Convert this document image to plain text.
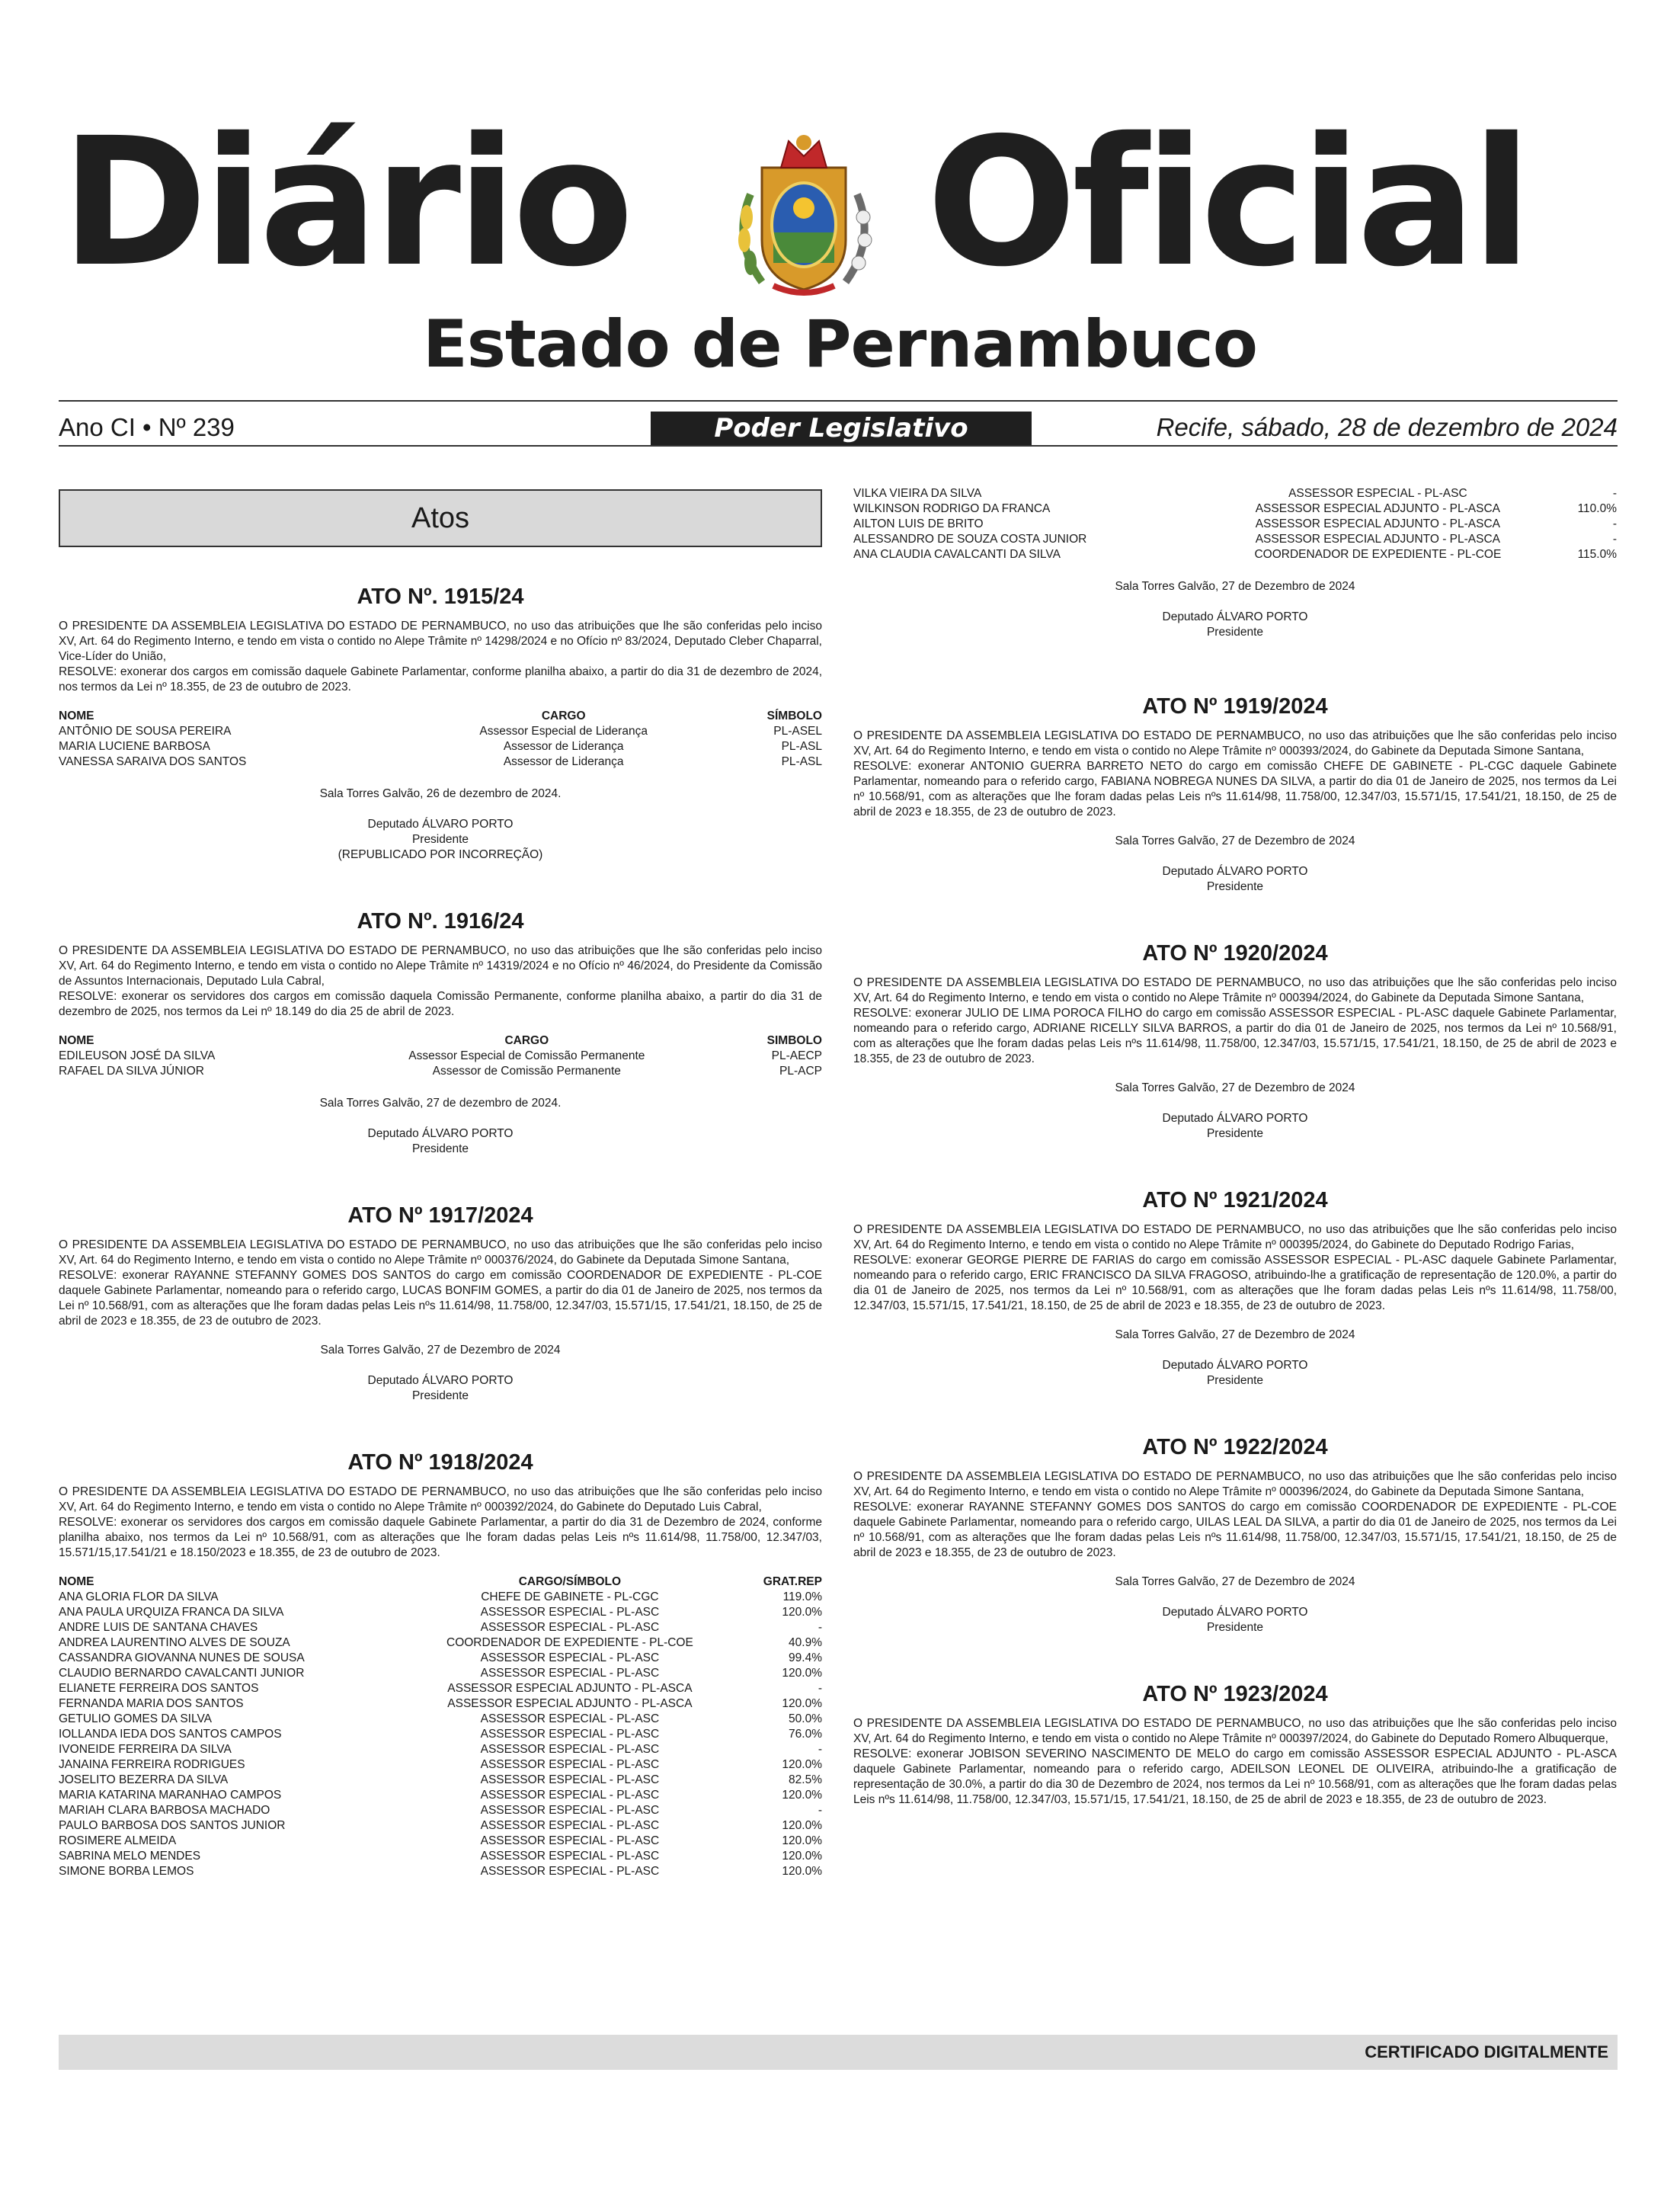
Diário Oficial
Estado de Pernambuco
Ano CI • Nº 239	Poder Legislativo	Recife, sábado, 28 de dezembro de 2024
Atos
ATO Nº. 1915/24

O PRESIDENTE DA ASSEMBLEIA LEGISLATIVA DO ESTADO DE PERNAMBUCO, no uso das atribuições que lhe são conferidas pelo inciso XV, Art. 64 do Regimento Interno, e tendo em vista o contido no Alepe Trâmite nº 14298/2024 e no Ofício nº 83/2024, Deputado Cleber Chaparral, Vice-Líder do União,

RESOLVE: exonerar dos cargos em comissão daquele Gabinete Parlamentar, conforme planilha abaixo, a partir do dia 31 de dezembro de 2024, nos termos da Lei nº 18.355, de 23 de outubro de 2023.

NOME	CARGO	SÍMBOLO
ANTÔNIO DE SOUSA PEREIRA	Assessor Especial de Liderança	PL-ASEL
MARIA LUCIENE BARBOSA	Assessor de Liderança	PL-ASL
VANESSA SARAIVA DOS SANTOS	Assessor de Liderança	PL-ASL
Sala Torres Galvão, 26 de dezembro de 2024.
Deputado ÁLVARO PORTO
Presidente
(REPUBLICADO POR INCORREÇÃO)
ATO Nº. 1916/24

O PRESIDENTE DA ASSEMBLEIA LEGISLATIVA DO ESTADO DE PERNAMBUCO, no uso das atribuições que lhe são conferidas pelo inciso XV, Art. 64 do Regimento Interno, e tendo em vista o contido no Alepe Trâmite nº 14319/2024 e no Ofício nº 46/2024, do Presidente da Comissão de Assuntos Internacionais, Deputado Lula Cabral,

RESOLVE: exonerar os servidores dos cargos em comissão daquela Comissão Permanente, conforme planilha abaixo, a partir do dia 31 de dezembro de 2025, nos termos da Lei nº 18.149 do dia 25 de abril de 2023.

NOME	CARGO	SIMBOLO
EDILEUSON JOSÉ DA SILVA	Assessor Especial de Comissão Permanente	PL-AECP
RAFAEL DA SILVA JÚNIOR	Assessor de Comissão Permanente	PL-ACP
Sala Torres Galvão, 27 de dezembro de 2024.
Deputado ÁLVARO PORTO
Presidente
ATO Nº 1917/2024

O PRESIDENTE DA ASSEMBLEIA LEGISLATIVA DO ESTADO DE PERNAMBUCO, no uso das atribuições que lhe são conferidas pelo inciso XV, Art. 64 do Regimento Interno, e tendo em vista o contido no Alepe Trâmite nº 000376/2024, do Gabinete da Deputada Simone Santana,

RESOLVE: exonerar RAYANNE STEFANNY GOMES DOS SANTOS do cargo em comissão COORDENADOR DE EXPEDIENTE - PL-COE daquele Gabinete Parlamentar, nomeando para o referido cargo, LUCAS BONFIM GOMES, a partir do dia 01 de Janeiro de 2025, nos termos da Lei nº 10.568/91, com as alterações que lhe foram dadas pelas Leis nºs 11.614/98, 11.758/00, 12.347/03, 15.571/15, 17.541/21, 18.150, de 25 de abril de 2023 e 18.355, de 23 de outubro de 2023.

Sala Torres Galvão, 27 de Dezembro de 2024
Deputado ÁLVARO PORTO
Presidente
ATO Nº 1918/2024

O PRESIDENTE DA ASSEMBLEIA LEGISLATIVA DO ESTADO DE PERNAMBUCO, no uso das atribuições que lhe são conferidas pelo inciso XV, Art. 64 do Regimento Interno, e tendo em vista o contido no Alepe Trâmite nº 000392/2024, do Gabinete do Deputado Luis Cabral,

RESOLVE: exonerar os servidores dos cargos em comissão daquele Gabinete Parlamentar, a partir do dia 31 de Dezembro de 2024, conforme planilha abaixo, nos termos da Lei nº 10.568/91, com as alterações que lhe foram dadas pelas Leis nºs 11.614/98, 11.758/00, 12.347/03, 15.571/15,17.541/21 e 18.150/2023 e 18.355, de 23 de outubro de 2023.

NOME	CARGO/SÍMBOLO	GRAT.REP
ANA GLORIA FLOR DA SILVA	CHEFE DE GABINETE - PL-CGC	119.0%
ANA PAULA URQUIZA FRANCA DA SILVA	ASSESSOR ESPECIAL - PL-ASC	120.0%
ANDRE LUIS DE SANTANA CHAVES	ASSESSOR ESPECIAL - PL-ASC	-
ANDREA LAURENTINO ALVES DE SOUZA	COORDENADOR DE EXPEDIENTE - PL-COE	40.9%
CASSANDRA GIOVANNA NUNES DE SOUSA	ASSESSOR ESPECIAL - PL-ASC	99.4%
CLAUDIO BERNARDO CAVALCANTI JUNIOR	ASSESSOR ESPECIAL - PL-ASC	120.0%
ELIANETE FERREIRA DOS SANTOS	ASSESSOR ESPECIAL ADJUNTO - PL-ASCA	-
FERNANDA MARIA DOS SANTOS	ASSESSOR ESPECIAL ADJUNTO - PL-ASCA	120.0%
GETULIO GOMES DA SILVA	ASSESSOR ESPECIAL - PL-ASC	50.0%
IOLLANDA IEDA DOS SANTOS CAMPOS	ASSESSOR ESPECIAL - PL-ASC	76.0%
IVONEIDE FERREIRA DA SILVA	ASSESSOR ESPECIAL - PL-ASC	-
JANAINA FERREIRA RODRIGUES	ASSESSOR ESPECIAL - PL-ASC	120.0%
JOSELITO BEZERRA DA SILVA	ASSESSOR ESPECIAL - PL-ASC	82.5%
MARIA KATARINA MARANHAO CAMPOS	ASSESSOR ESPECIAL - PL-ASC	120.0%
MARIAH CLARA BARBOSA MACHADO	ASSESSOR ESPECIAL - PL-ASC	-
PAULO BARBOSA DOS SANTOS JUNIOR	ASSESSOR ESPECIAL - PL-ASC	120.0%
ROSIMERE ALMEIDA	ASSESSOR ESPECIAL - PL-ASC	120.0%
SABRINA MELO MENDES	ASSESSOR ESPECIAL - PL-ASC	120.0%
SIMONE BORBA LEMOS	ASSESSOR ESPECIAL - PL-ASC	120.0%
VILKA VIEIRA DA SILVA	ASSESSOR ESPECIAL - PL-ASC	-
WILKINSON RODRIGO DA FRANCA	ASSESSOR ESPECIAL ADJUNTO - PL-ASCA	110.0%
AILTON LUIS DE BRITO	ASSESSOR ESPECIAL ADJUNTO - PL-ASCA	-
ALESSANDRO DE SOUZA COSTA JUNIOR	ASSESSOR ESPECIAL ADJUNTO - PL-ASCA	-
ANA CLAUDIA CAVALCANTI DA SILVA	COORDENADOR DE EXPEDIENTE - PL-COE	115.0%
Sala Torres Galvão, 27 de Dezembro de 2024
Deputado ÁLVARO PORTO
Presidente
ATO Nº 1919/2024

O PRESIDENTE DA ASSEMBLEIA LEGISLATIVA DO ESTADO DE PERNAMBUCO, no uso das atribuições que lhe são conferidas pelo inciso XV, Art. 64 do Regimento Interno, e tendo em vista o contido no Alepe Trâmite nº 000393/2024, do Gabinete da Deputada Simone Santana,

RESOLVE: exonerar ANTONIO GUERRA BARRETO NETO do cargo em comissão CHEFE DE GABINETE - PL-CGC daquele Gabinete Parlamentar, nomeando para o referido cargo, FABIANA NOBREGA NUNES DA SILVA, a partir do dia 01 de Janeiro de 2025, nos termos da Lei nº 10.568/91, com as alterações que lhe foram dadas pelas Leis nºs 11.614/98, 11.758/00, 12.347/03, 15.571/15, 17.541/21, 18.150, de 25 de abril de 2023 e 18.355, de 23 de outubro de 2023.

Sala Torres Galvão, 27 de Dezembro de 2024
Deputado ÁLVARO PORTO
Presidente
ATO Nº 1920/2024

O PRESIDENTE DA ASSEMBLEIA LEGISLATIVA DO ESTADO DE PERNAMBUCO, no uso das atribuições que lhe são conferidas pelo inciso XV, Art. 64 do Regimento Interno, e tendo em vista o contido no Alepe Trâmite nº 000394/2024, do Gabinete da Deputada Simone Santana,

RESOLVE: exonerar JULIO DE LIMA POROCA FILHO do cargo em comissão ASSESSOR ESPECIAL - PL-ASC daquele Gabinete Parlamentar, nomeando para o referido cargo, ADRIANE RICELLY SILVA BARROS, a partir do dia 01 de Janeiro de 2025, nos termos da Lei nº 10.568/91, com as alterações que lhe foram dadas pelas Leis nºs 11.614/98, 11.758/00, 12.347/03, 15.571/15, 17.541/21, 18.150, de 25 de abril de 2023 e 18.355, de 23 de outubro de 2023.

Sala Torres Galvão, 27 de Dezembro de 2024
Deputado ÁLVARO PORTO
Presidente
ATO Nº 1921/2024

O PRESIDENTE DA ASSEMBLEIA LEGISLATIVA DO ESTADO DE PERNAMBUCO, no uso das atribuições que lhe são conferidas pelo inciso XV, Art. 64 do Regimento Interno, e tendo em vista o contido no Alepe Trâmite nº 000395/2024, do Gabinete do Deputado Rodrigo Farias,

RESOLVE: exonerar GEORGE PIERRE DE FARIAS do cargo em comissão ASSESSOR ESPECIAL - PL-ASC daquele Gabinete Parlamentar, nomeando para o referido cargo, ERIC FRANCISCO DA SILVA FRAGOSO, atribuindo-lhe a gratificação de representação de 120.0%, a partir do dia 01 de Janeiro de 2025, nos termos da Lei nº 10.568/91, com as alterações que lhe foram dadas pelas Leis nºs 11.614/98, 11.758/00, 12.347/03, 15.571/15, 17.541/21, 18.150, de 25 de abril de 2023 e 18.355, de 23 de outubro de 2023.

Sala Torres Galvão, 27 de Dezembro de 2024
Deputado ÁLVARO PORTO
Presidente
ATO Nº 1922/2024

O PRESIDENTE DA ASSEMBLEIA LEGISLATIVA DO ESTADO DE PERNAMBUCO, no uso das atribuições que lhe são conferidas pelo inciso XV, Art. 64 do Regimento Interno, e tendo em vista o contido no Alepe Trâmite nº 000396/2024, do Gabinete da Deputada Simone Santana,

RESOLVE: exonerar RAYANNE STEFANNY GOMES DOS SANTOS do cargo em comissão COORDENADOR DE EXPEDIENTE - PL-COE daquele Gabinete Parlamentar, nomeando para o referido cargo, UILAS LEAL DA SILVA, a partir do dia 01 de Janeiro de 2025, nos termos da Lei nº 10.568/91, com as alterações que lhe foram dadas pelas Leis nºs 11.614/98, 11.758/00, 12.347/03, 15.571/15, 17.541/21, 18.150, de 25 de abril de 2023 e 18.355, de 23 de outubro de 2023.

Sala Torres Galvão, 27 de Dezembro de 2024
Deputado ÁLVARO PORTO
Presidente
ATO Nº 1923/2024

O PRESIDENTE DA ASSEMBLEIA LEGISLATIVA DO ESTADO DE PERNAMBUCO, no uso das atribuições que lhe são conferidas pelo inciso XV, Art. 64 do Regimento Interno, e tendo em vista o contido no Alepe Trâmite nº 000397/2024, do Gabinete do Deputado Romero Albuquerque,

RESOLVE: exonerar JOBISON SEVERINO NASCIMENTO DE MELO do cargo em comissão ASSESSOR ESPECIAL ADJUNTO - PL-ASCA daquele Gabinete Parlamentar, nomeando para o referido cargo, ADEILSON LEONEL DE OLIVEIRA, atribuindo-lhe a gratificação de representação de 30.0%, a partir do dia 30 de Dezembro de 2024, nos termos da Lei nº 10.568/91, com as alterações que lhe foram dadas pelas Leis nºs 11.614/98, 11.758/00, 12.347/03, 15.571/15, 17.541/21, 18.150, de 25 de abril de 2023 e 18.355, de 23 de outubro de 2023.

CERTIFICADO DIGITALMENTE
